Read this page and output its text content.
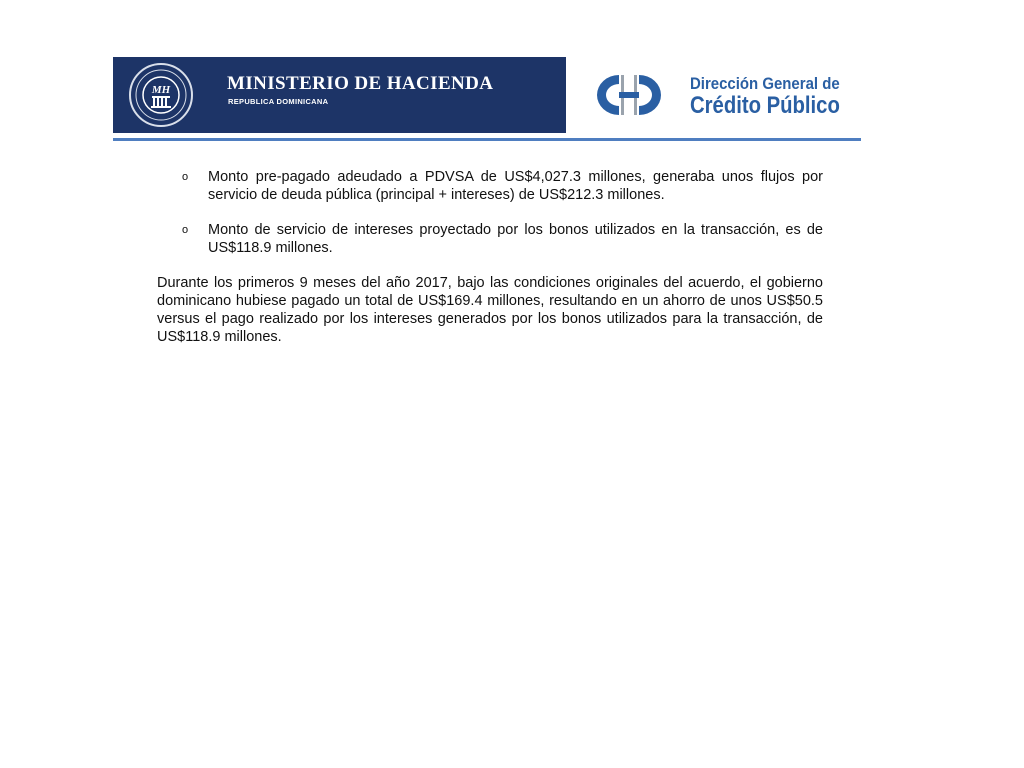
MH	MINISTERIO DE HACIENDA
REPUBLICA DOMINICANA
Dirección General de
Crédito Público
o Monto pre-pagado adeudado a PDVSA de US$4,027.3 millones, generaba unos flujos por servicio de deuda pública (principal + intereses) de US$212.3 millones.
o Monto de servicio de intereses proyectado por los bonos utilizados en la transacción, es de US$118.9 millones.

Durante los primeros 9 meses del año 2017, bajo las condiciones originales del acuerdo, el gobierno dominicano hubiese pagado un total de US$169.4 millones, resultando en un ahorro de unos US$50.5 versus el pago realizado por los intereses generados por los bonos utilizados para la transacción, de US$118.9 millones.
